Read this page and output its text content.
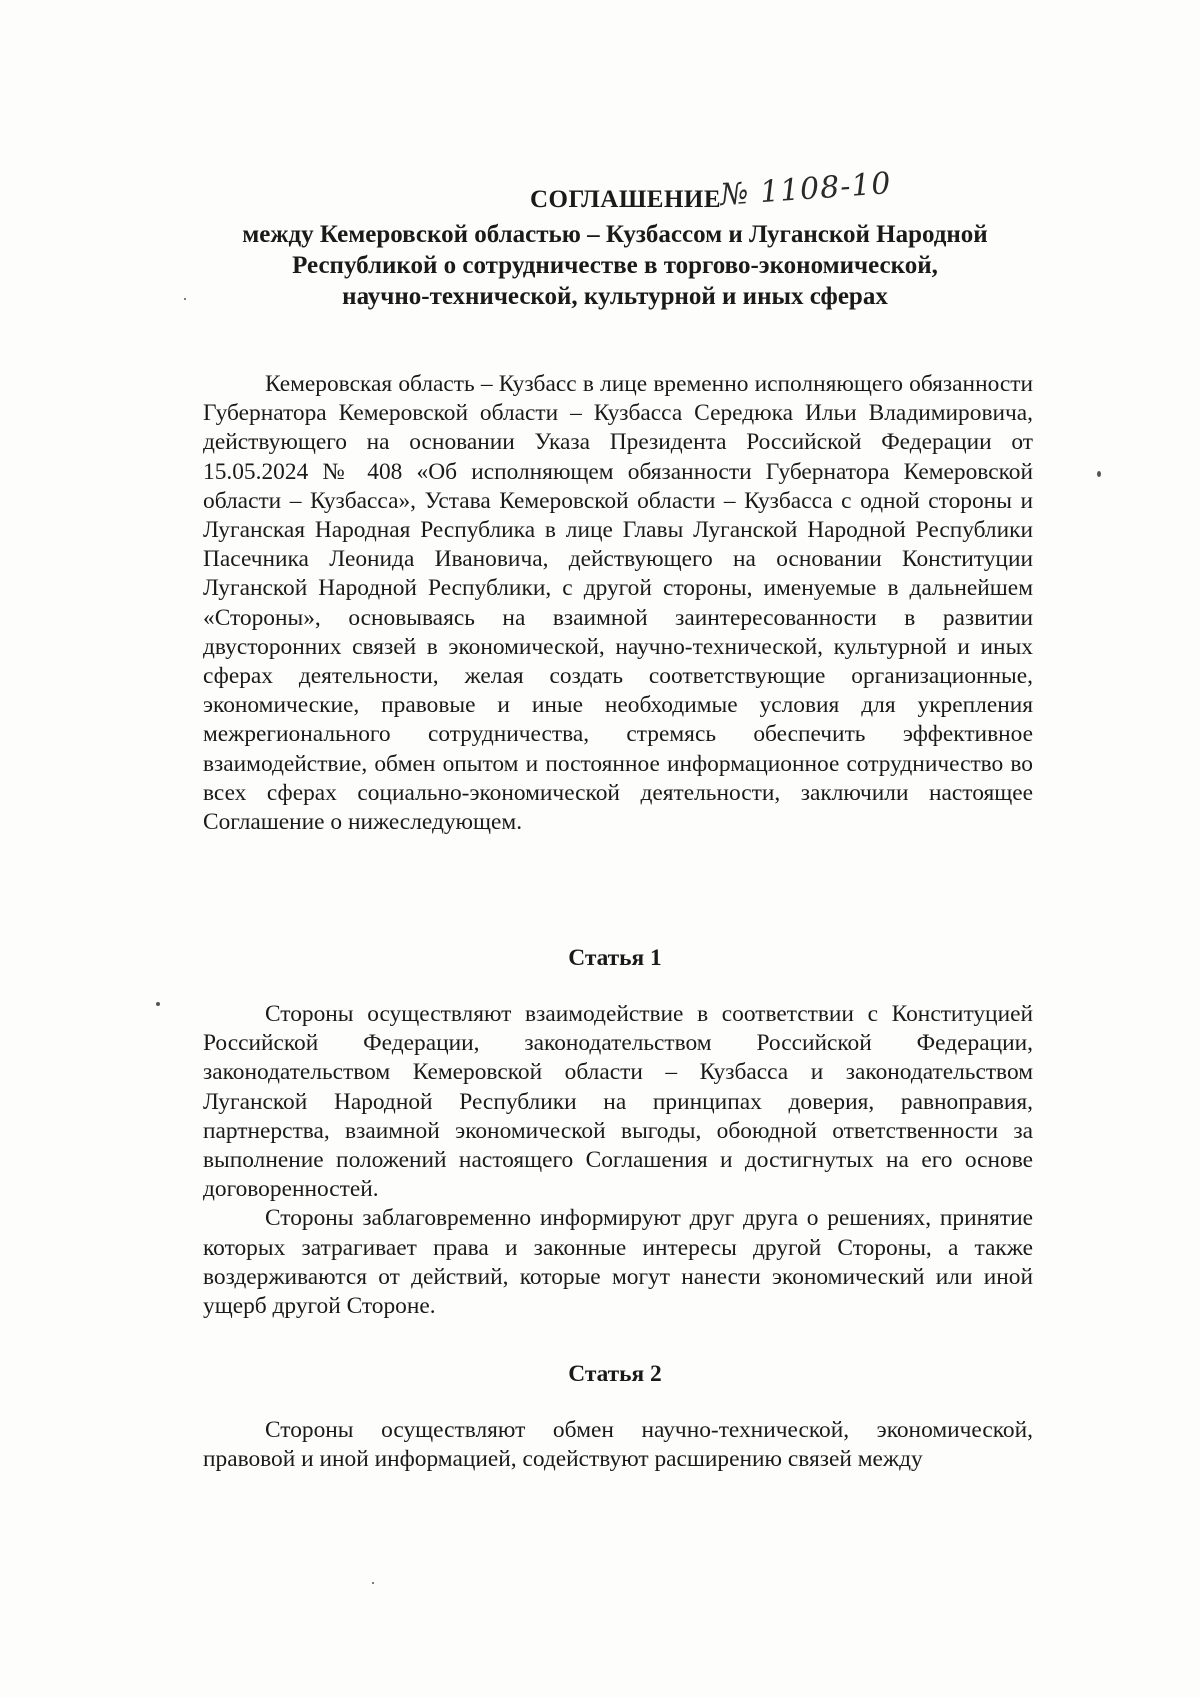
СОГЛАШЕНИЕ
№ 1108-10
между Кемеровской областью – Кузбассом и Луганской Народной
Республикой о сотрудничестве в торгово-экономической,
научно-технической, культурной и иных сферах

Кемеровская область – Кузбасс в лице временно исполняющего обязанности Губернатора Кемеровской области – Кузбасса Середюка Ильи Владимировича, действующего на основании Указа Президента Российской Федерации от 15.05.2024 № 408 «Об исполняющем обязанности Губернатора Кемеровской области – Кузбасса», Устава Кемеровской области – Кузбасса с одной стороны и Луганская Народная Республика в лице Главы Луганской Народной Республики Пасечника Леонида Ивановича, действующего на основании Конституции Луганской Народной Республики, с другой стороны, именуемые в дальнейшем «Стороны», основываясь на взаимной заинтересованности в развитии двусторонних связей в экономической, научно-технической, культурной и иных сферах деятельности, желая создать соответствующие организационные, экономические, правовые и иные необходимые условия для укрепления межрегионального сотрудничества, стремясь обеспечить эффективное взаимодействие, обмен опытом и постоянное информационное сотрудничество во всех сферах социально-экономической деятельности, заключили настоящее Соглашение о нижеследующем.

Статья 1

Стороны осуществляют взаимодействие в соответствии с Конституцией Российской Федерации, законодательством Российской Федерации, законодательством Кемеровской области – Кузбасса и законодательством Луганской Народной Республики на принципах доверия, равноправия, партнерства, взаимной экономической выгоды, обоюдной ответственности за выполнение положений настоящего Соглашения и достигнутых на его основе договоренностей.

Стороны заблаговременно информируют друг друга о решениях, принятие которых затрагивает права и законные интересы другой Стороны, а также воздерживаются от действий, которые могут нанести экономический или иной ущерб другой Стороне.

Статья 2

Стороны осуществляют обмен научно-технической, экономической, правовой и иной информацией, содействуют расширению связей между
